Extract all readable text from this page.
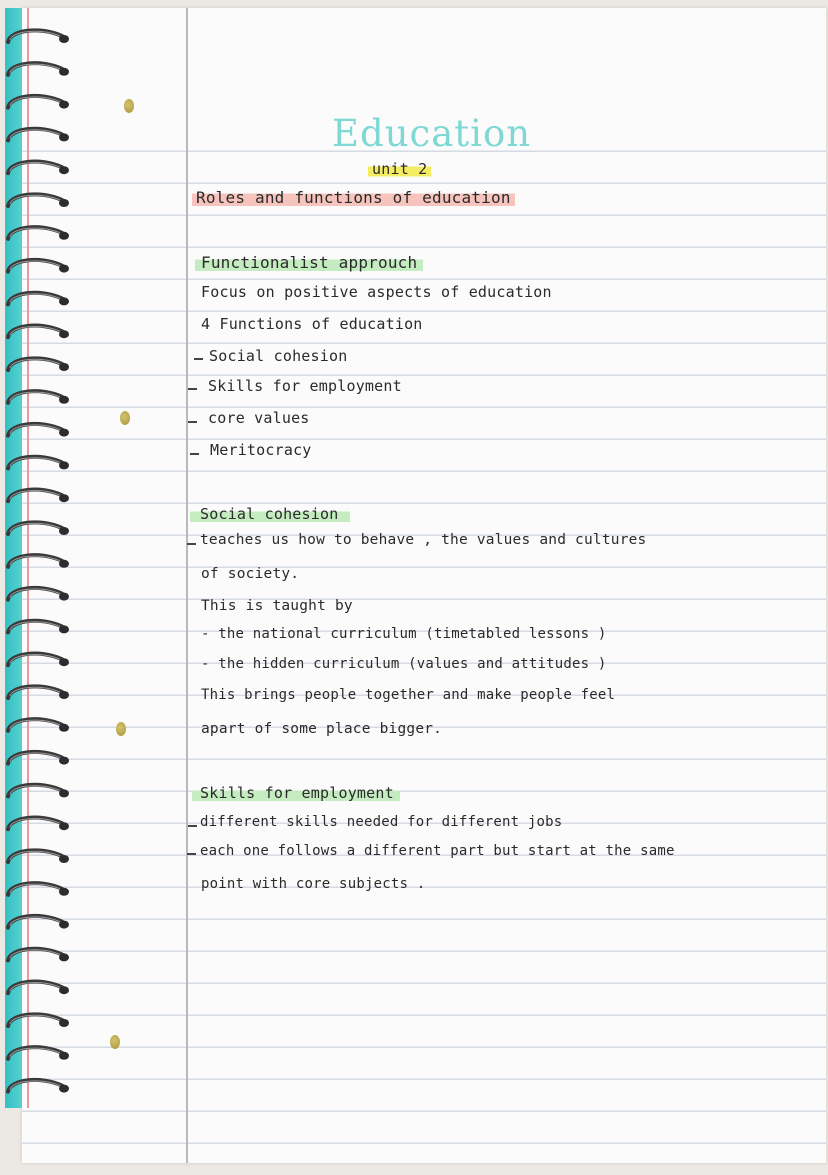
Education
unit 2
Roles and functions of education
Functionalist approuch
Focus on positive aspects of education
4 Functions of education
Social cohesion
Skills for employment
core values
Meritocracy
Social cohesion
teaches us how to behave , the values and cultures
of society.
This is taught by
- the national curriculum (timetabled lessons )
- the hidden curriculum (values and attitudes )
This brings people together and make people feel
apart of some place bigger.
Skills for employment
different skills needed for different jobs
each one follows a different part but start at the same
point with core subjects .
